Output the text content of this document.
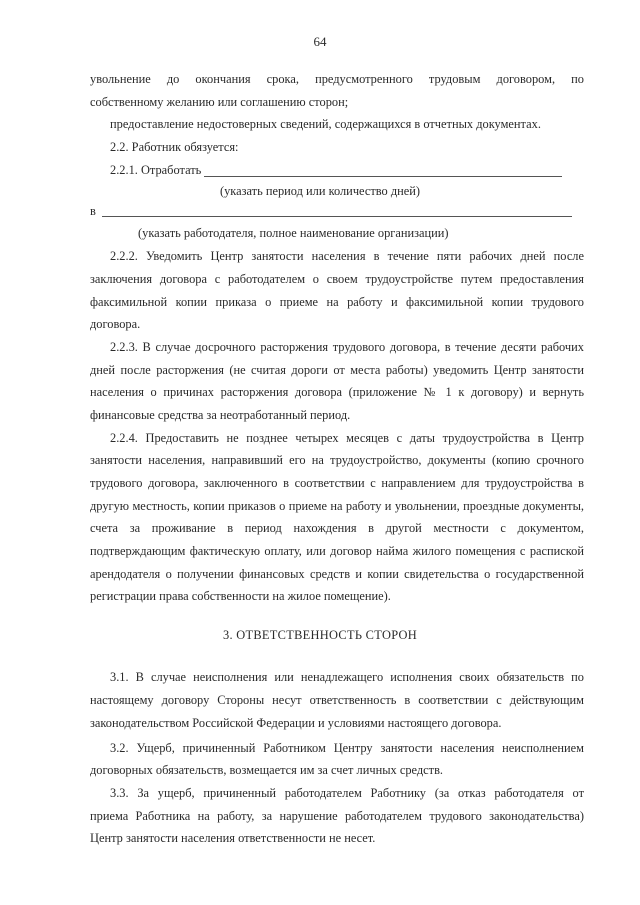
64
увольнение до окончания срока, предусмотренного трудовым договором, по
собственному желанию или соглашению сторон;
предоставление недостоверных сведений, содержащихся в отчетных документах.
2.2. Работник обязуется:
2.2.1. Отработать
(указать период или количество дней)
в
(указать работодателя, полное наименование организации)
2.2.2. Уведомить Центр занятости населения в течение пяти рабочих дней после
заключения договора с работодателем о своем трудоустройстве путем предоставления
факсимильной копии приказа о приеме на работу и факсимильной копии трудового
договора.
2.2.3. В случае досрочного расторжения трудового договора, в течение десяти рабочих
дней после расторжения (не считая дороги от места работы) уведомить Центр занятости
населения о причинах расторжения договора (приложение № 1 к договору) и вернуть
финансовые средства за неотработанный период.
2.2.4. Предоставить не позднее четырех месяцев с даты трудоустройства в Центр
занятости населения, направивший его на трудоустройство, документы (копию срочного
трудового договора, заключенного в соответствии с направлением для трудоустройства в
другую местность, копии приказов о приеме на работу и увольнении, проездные документы,
счета за проживание в период нахождения в другой местности с документом,
подтверждающим фактическую оплату, или договор найма жилого помещения с распиской
арендодателя о получении финансовых средств и копии свидетельства о государственной
регистрации права собственности на жилое помещение).
3. ОТВЕТСТВЕННОСТЬ СТОРОН
3.1. В случае неисполнения или ненадлежащего исполнения своих обязательств по
настоящему договору Стороны несут ответственность в соответствии с действующим
законодательством Российской Федерации и условиями настоящего договора.
3.2. Ущерб, причиненный Работником Центру занятости населения неисполнением
договорных обязательств, возмещается им за счет личных средств.
3.3. За ущерб, причиненный работодателем Работнику (за отказ работодателя от
приема Работника на работу, за нарушение работодателем трудового законодательства)
Центр занятости населения ответственности не несет.
